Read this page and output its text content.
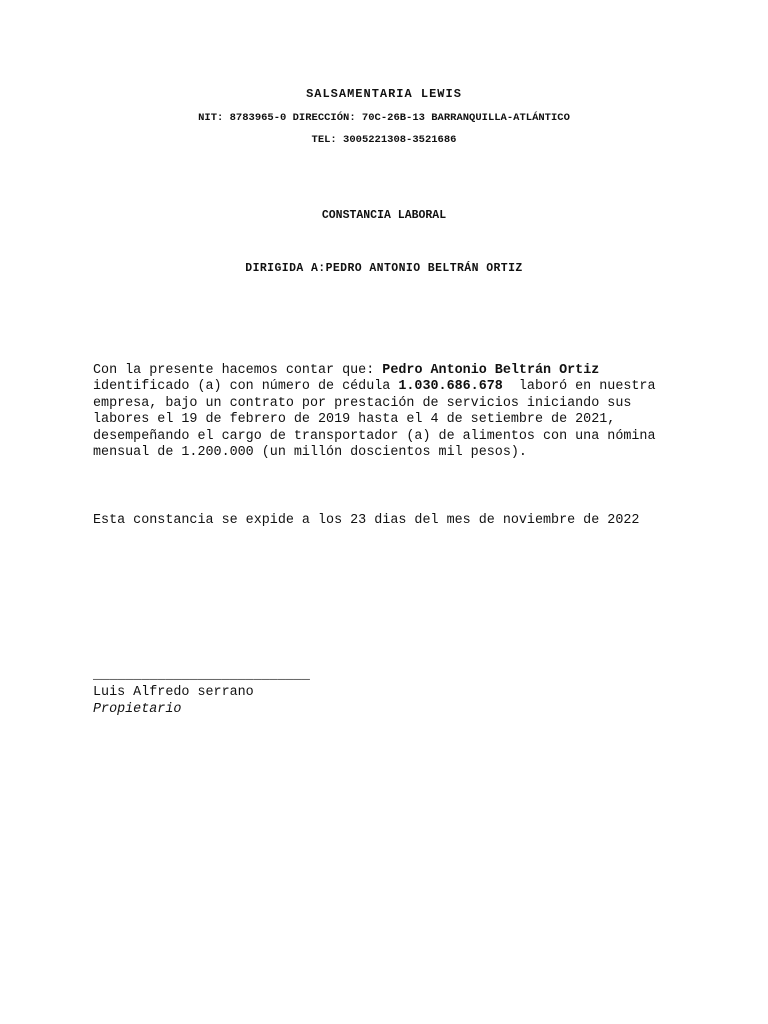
SALSAMENTARIA LEWIS
NIT: 8783965-0 DIRECCIÓN: 70C-26B-13 BARRANQUILLA-ATLÁNTICO
TEL: 3005221308-3521686
CONSTANCIA LABORAL
DIRIGIDA A:PEDRO ANTONIO BELTRÁN ORTIZ
Con la presente hacemos contar que: Pedro Antonio Beltrán Ortiz
identificado (a) con número de cédula 1.030.686.678  laboró en nuestra empresa, bajo un contrato por prestación de servicios iniciando sus labores el 19 de febrero de 2019 hasta el 4 de setiembre de 2021, desempeñando el cargo de transportador (a) de alimentos con una nómina mensual de 1.200.000 (un millón doscientos mil pesos).
Esta constancia se expide a los 23 dias del mes de noviembre de 2022
___________________________
Luis Alfredo serrano
Propietario
